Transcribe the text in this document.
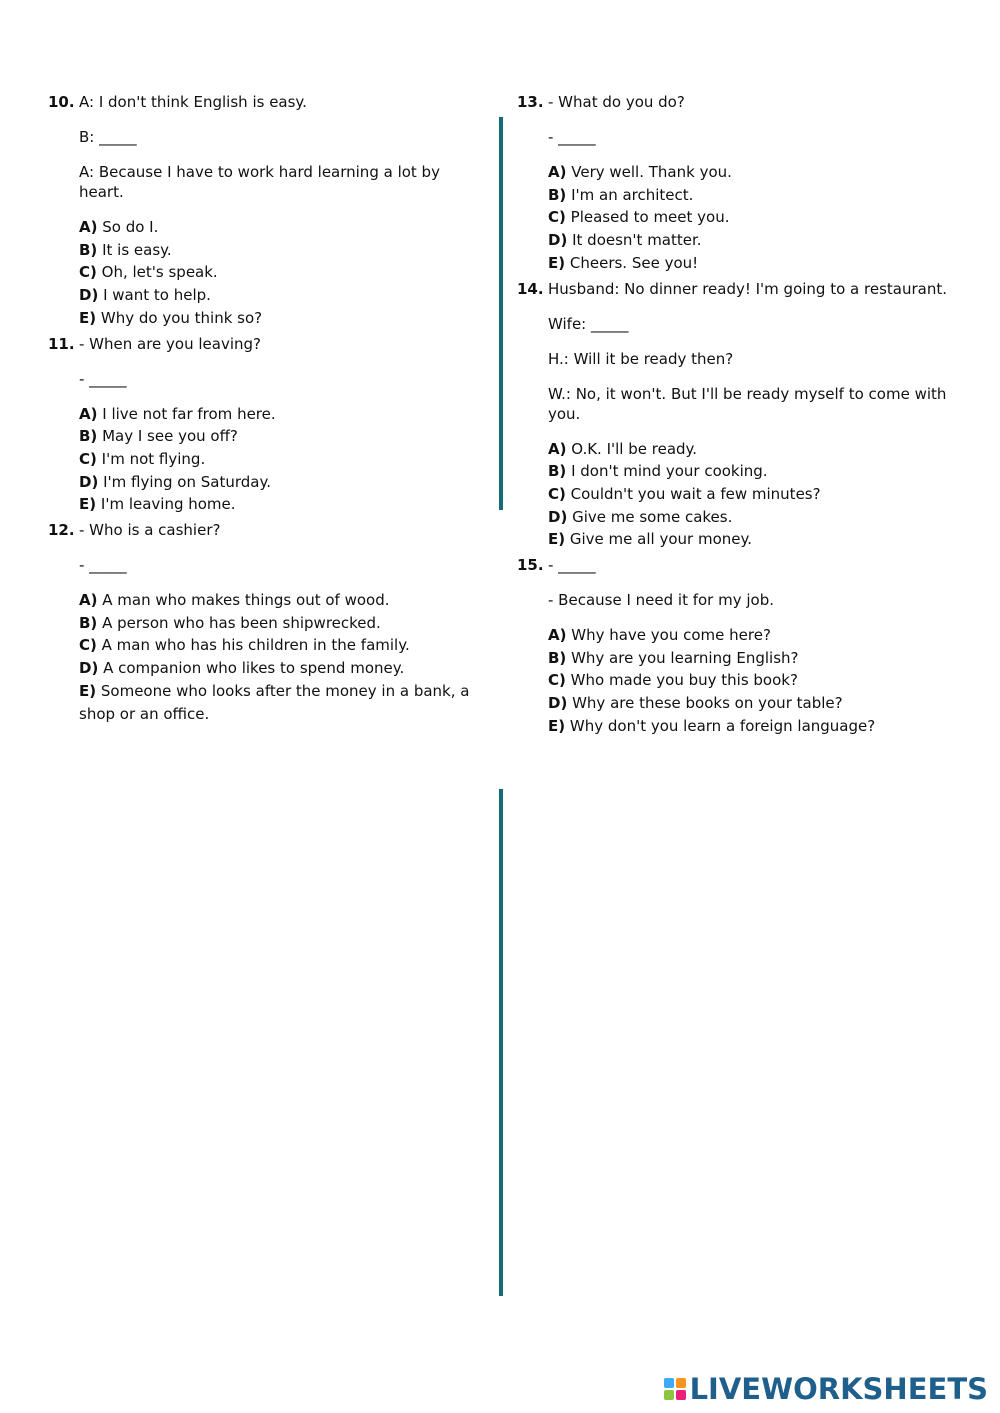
10. A: I don't think English is easy.

B: _____

A: Because I have to work hard learning a lot by heart.

A) So do I.
B) It is easy.
C) Oh, let's speak.
D) I want to help.
E) Why do you think so?
11. - When are you leaving?

- _____

A) I live not far from here.
B) May I see you off?
C) I'm not flying.
D) I'm flying on Saturday.
E) I'm leaving home.
12. - Who is a cashier?

- _____

A) A man who makes things out of wood.
B) A person who has been shipwrecked.
C) A man who has his children in the family.
D) A companion who likes to spend money.
E) Someone who looks after the money in a bank, a shop or an office.
13. - What do you do?

- _____

A) Very well. Thank you.
B) I'm an architect.
C) Pleased to meet you.
D) It doesn't matter.
E) Cheers. See you!
14. Husband: No dinner ready! I'm going to a restaurant.

Wife: _____

H.: Will it be ready then?

W.: No, it won't. But I'll be ready myself to come with you.

A) O.K. I'll be ready.
B) I don't mind your cooking.
C) Couldn't you wait a few minutes?
D) Give me some cakes.
E) Give me all your money.
15. - _____

- Because I need it for my job.

A) Why have you come here?
B) Why are you learning English?
C) Who made you buy this book?
D) Why are these books on your table?
E) Why don't you learn a foreign language?
LIVEWORKSHEETS
